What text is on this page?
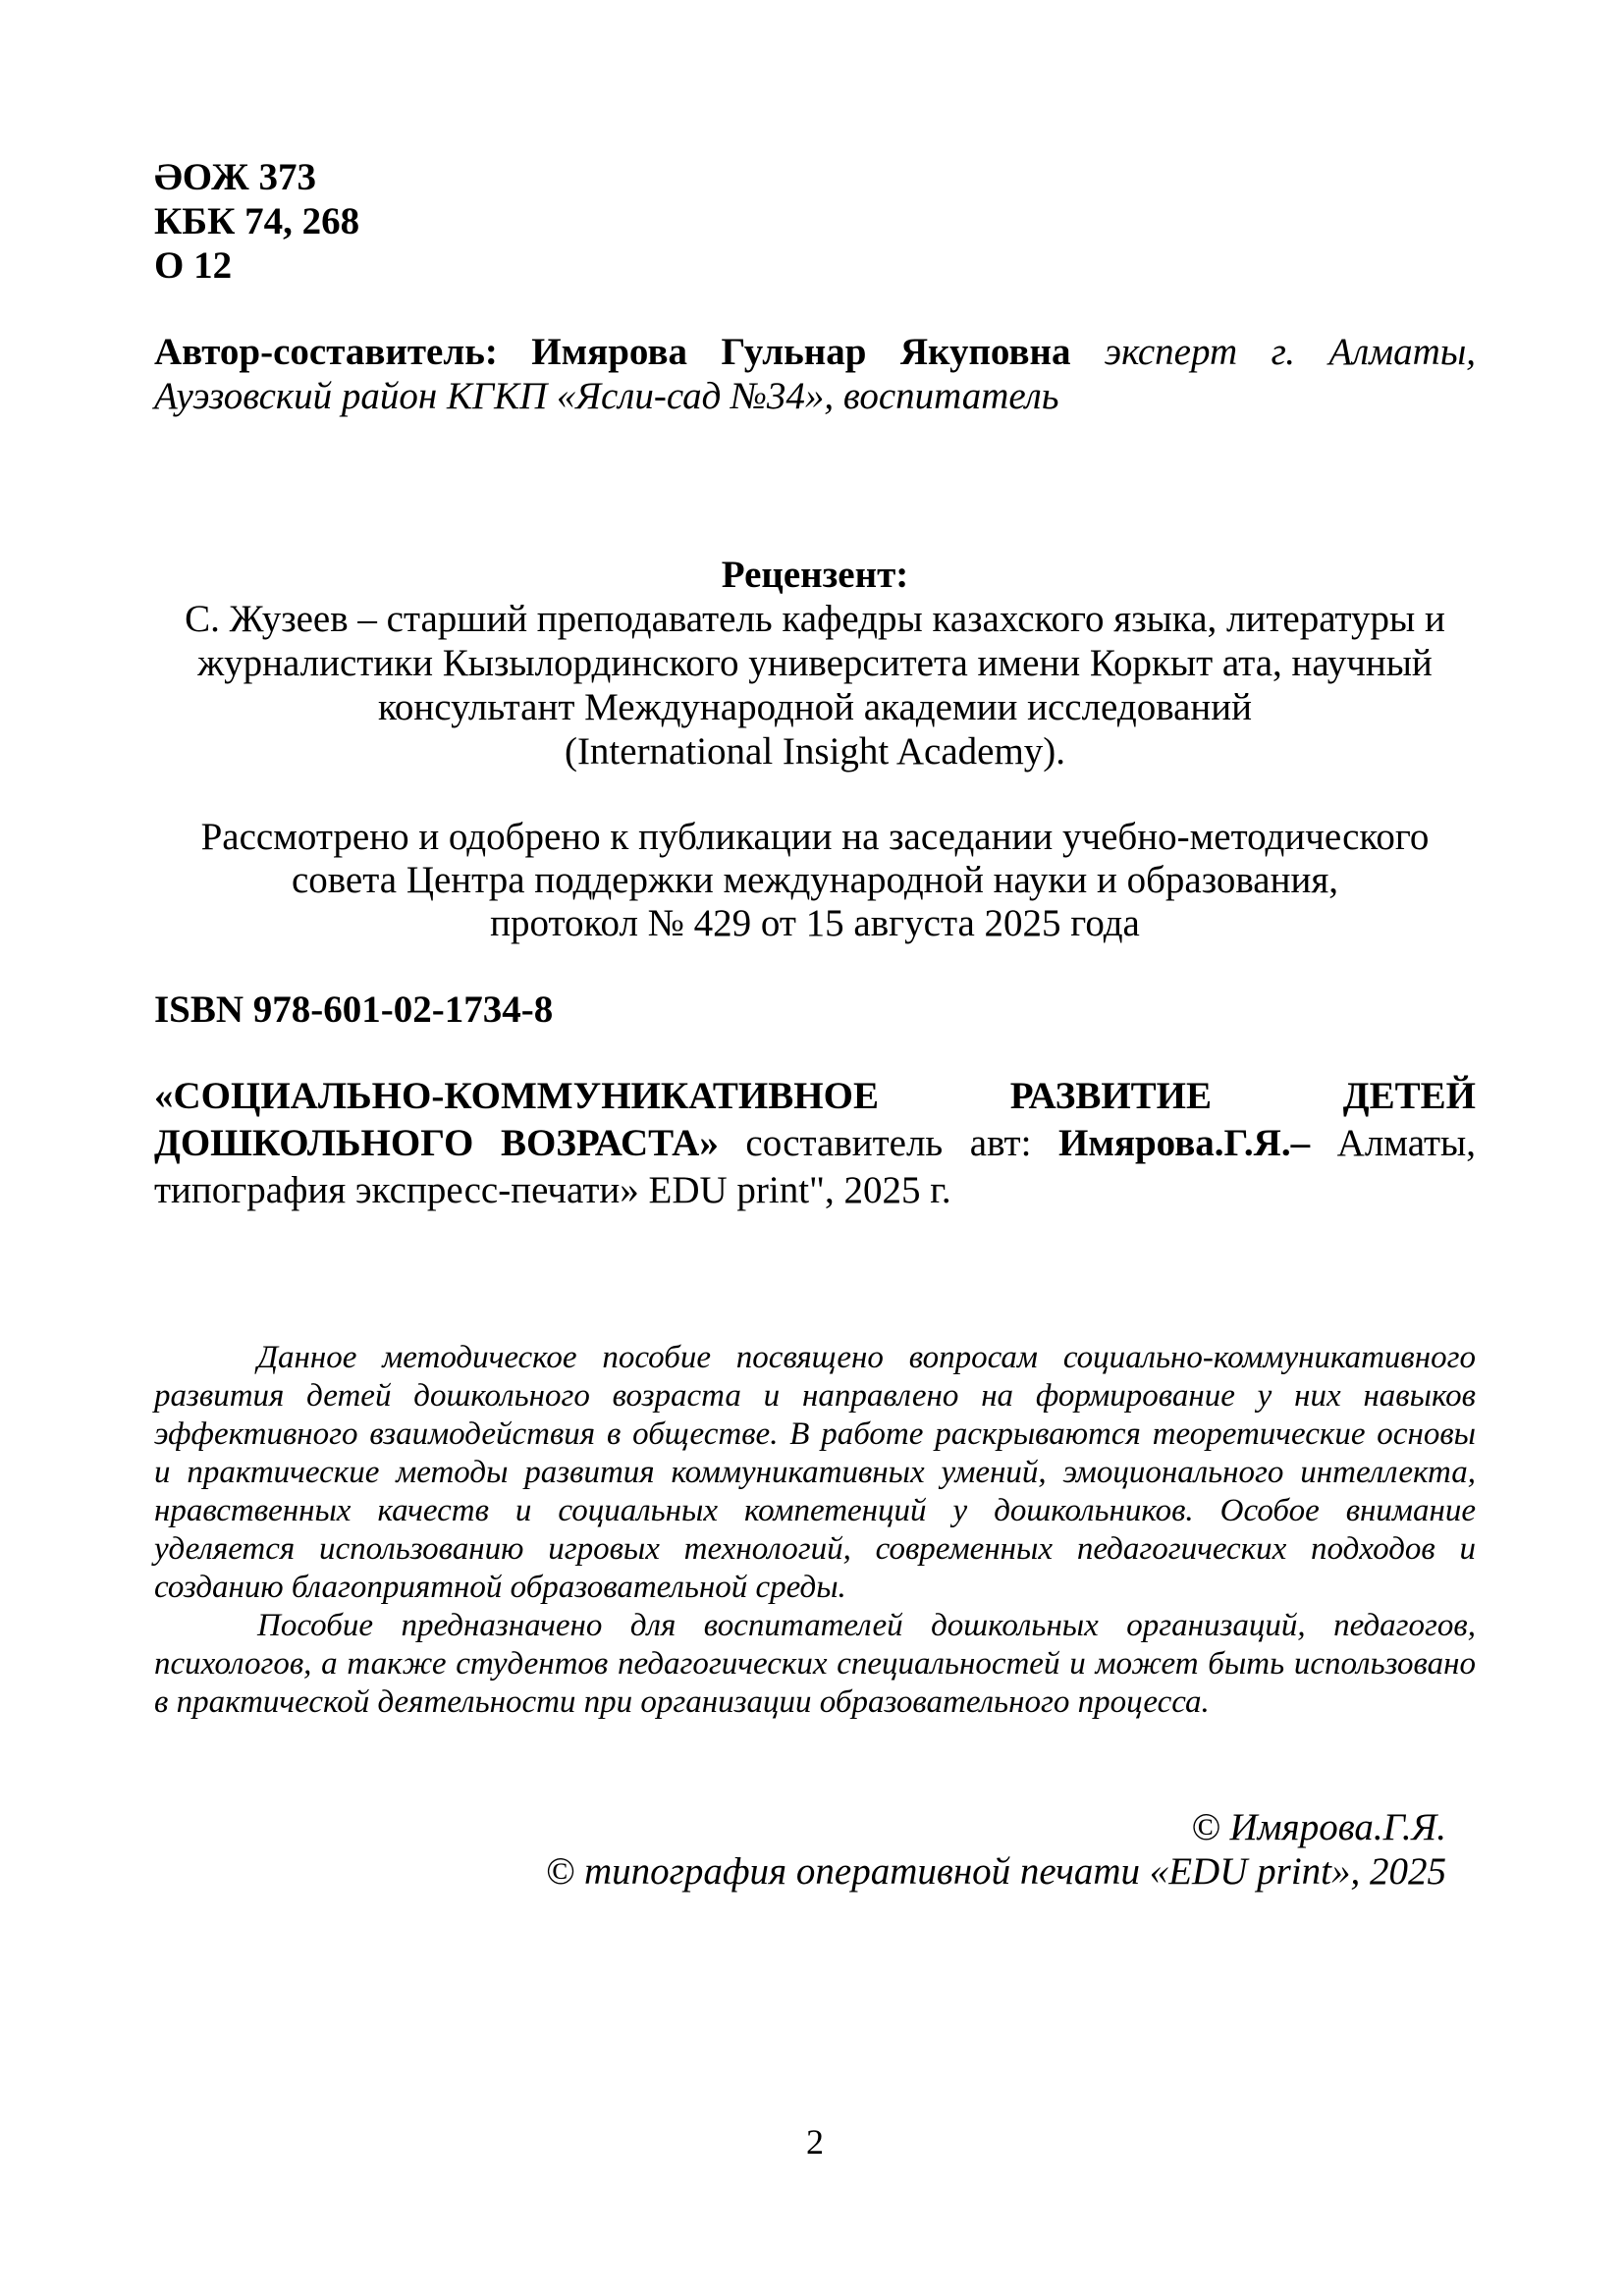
ӘОЖ 373
КБК 74, 268
О 12
Автор-составитель: Имярова Гульнар Якуповна эксперт г. Алматы,
Ауэзовский район КГКП «Ясли-сад №34», воспитатель
Рецензент:
С. Жузеев – старший преподаватель кафедры казахского языка, литературы и
журналистики Кызылординского университета имени Коркыт ата, научный
консультант Международной академии исследований
(International Insight Academy).
Рассмотрено и одобрено к публикации на заседании учебно-методического
совета Центра поддержки международной науки и образования,
протокол № 429 от 15 августа 2025 года
ISBN 978-601-02-1734-8
«СОЦИАЛЬНО-КОММУНИКАТИВНОЕ РАЗВИТИЕ ДЕТЕЙ
ДОШКОЛЬНОГО ВОЗРАСТА» составитель авт: Имярова.Г.Я.– Алматы,
типография экспресс-печати» EDU print", 2025 г.
Данное методическое пособие посвящено вопросам социально-коммуникативного
развития детей дошкольного возраста и направлено на формирование у них навыков
эффективного взаимодействия в обществе. В работе раскрываются теоретические основы
и практические методы развития коммуникативных умений, эмоционального интеллекта,
нравственных качеств и социальных компетенций у дошкольников. Особое внимание
уделяется использованию игровых технологий, современных педагогических подходов и
созданию благоприятной образовательной среды.
Пособие предназначено для воспитателей дошкольных организаций, педагогов,
психологов, а также студентов педагогических специальностей и может быть использовано
в практической деятельности при организации образовательного процесса.
© Имярова.Г.Я.
© типография оперативной печати «EDU print», 2025
2
